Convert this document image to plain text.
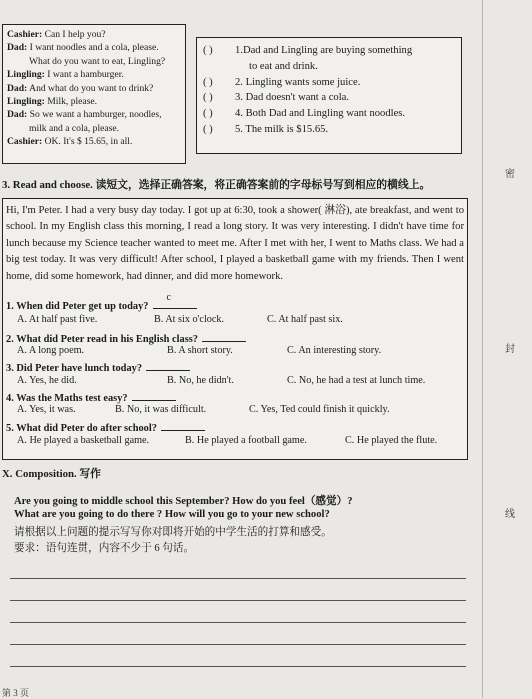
Cashier: Can I help you?
Dad: I want noodles and a cola, please.
What do you want to eat, Lingling?
Lingling: I want a hamburger.
Dad: And what do you want to drink?
Lingling: Milk, please.
Dad: So we want a hamburger, noodles,
milk and a cola, please.
Cashier: OK. It's $ 15.65, in all.
( )	1.Dad and Lingling are buying something
to eat and drink.
( )	2. Lingling wants some juice.
( )	3. Dad doesn't want a cola.
( )	4. Both Dad and Lingling want noodles.
( )	5. The milk is $15.65.
3. Read and choose. 读短文，选择正确答案，将正确答案前的字母标号写到相应的横线上。
Hi, I'm Peter. I had a very busy day today. I got up at 6:30, took a shower( 淋浴), ate breakfast, and went to school. In my English class this morning, I read a long story. It was very interesting. I didn't have time for lunch because my Science teacher wanted to meet me. After I met with her, I went to Maths class. We had a big test today. It was very difficult! After school, I played a basketball game with my friends. Then I went home, did some homework, had dinner, and did more homework.
1. When did Peter get up today?
c
A. At half past five.	B. At six o'clock.	C. At half past six.
2. What did Peter read in his English class?
A. A long poem.	B. A short story.	C. An interesting story.
3. Did Peter have lunch today?
A. Yes, he did.	B. No, he didn't.	C. No, he had a test at lunch time.
4. Was the Maths test easy?
A. Yes, it was.	B. No, it was difficult.	C. Yes, Ted could finish it quickly.
5. What did Peter do after school?
A. He played a basketball game.	B. He played a football game.	C. He played the flute.
X. Composition. 写作
Are you going to middle school this September? How do you feel（感觉）?
What are you going to do there ? How will you go to your new school?
请根据以上问题的提示写写你对即将开始的中学生活的打算和感受。
要求：语句连贯，内容不少于 6 句话。
密
封
线
第 3 页
